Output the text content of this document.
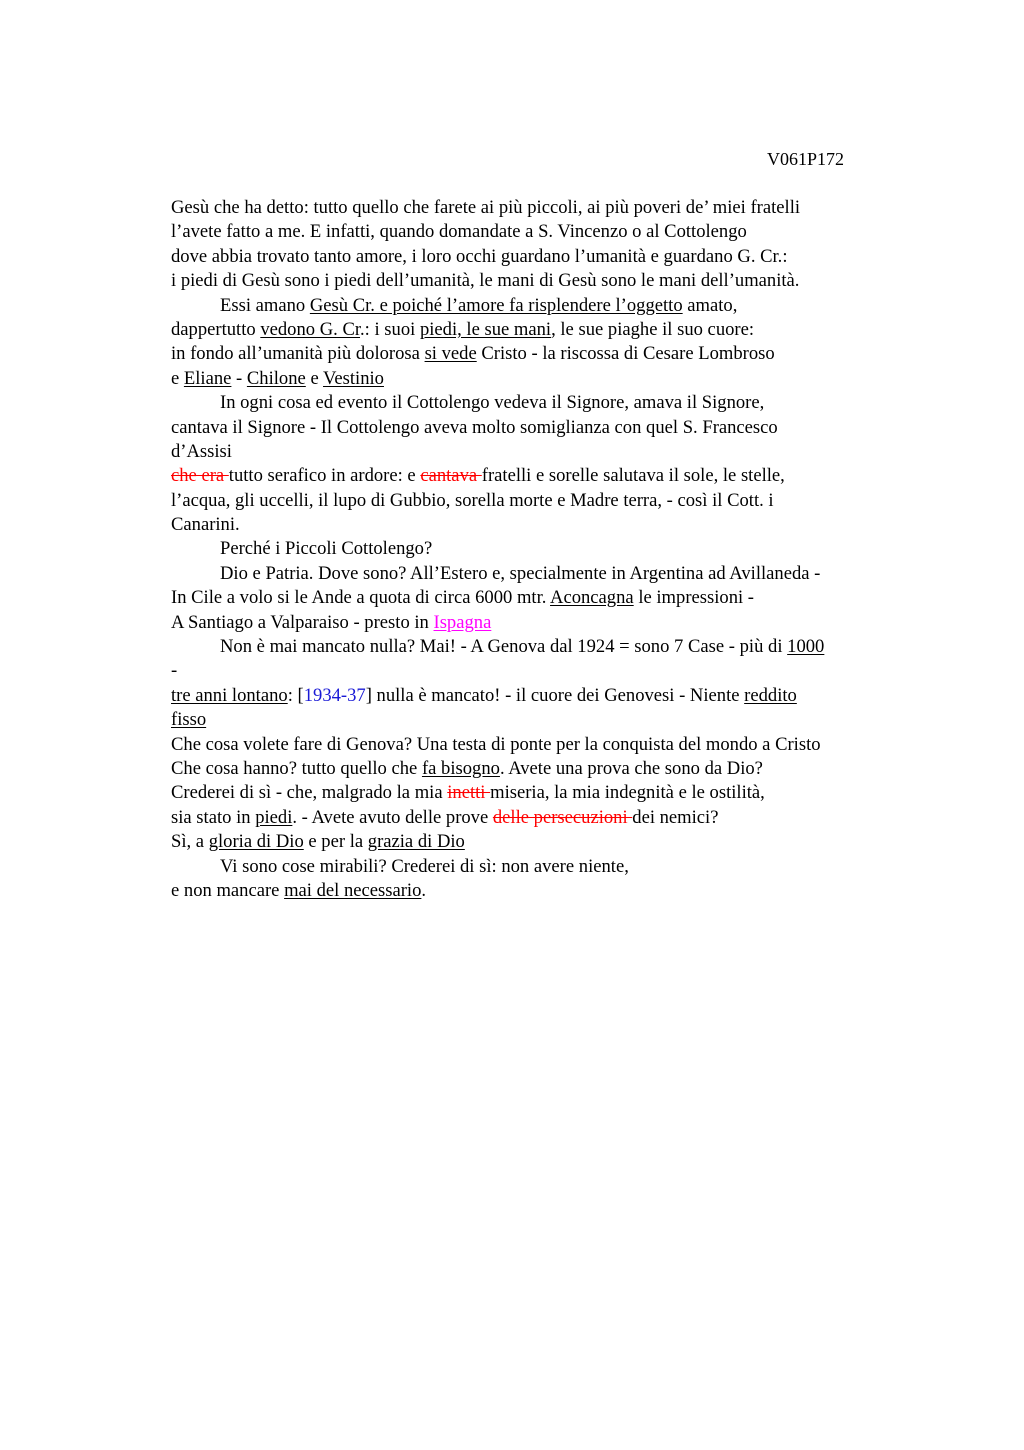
V061P172
Gesù che ha detto: tutto quello che farete ai più piccoli, ai più poveri de’ miei fratelli
l’avete fatto a me. E infatti, quando domandate a S. Vincenzo o al Cottolengo
dove abbia trovato tanto amore, i loro occhi guardano l’umanità e guardano G. Cr.:
i piedi di Gesù sono i piedi dell’umanità, le mani di Gesù sono le mani dell’umanità.
Essi amano Gesù Cr. e poiché l’amore fa risplendere l’oggetto amato,
dappertutto vedono G. Cr.: i suoi piedi, le sue mani, le sue piaghe il suo cuore:
in fondo all’umanità più dolorosa si vede Cristo - la riscossa di Cesare Lombroso
e Eliane - Chilone e Vestinio
In ogni cosa ed evento il Cottolengo vedeva il Signore, amava il Signore,
cantava il Signore - Il Cottolengo aveva molto somiglianza con quel S. Francesco
d’Assisi
che era tutto serafico in ardore: e cantava fratelli e sorelle salutava il sole, le stelle,
l’acqua, gli uccelli, il lupo di Gubbio, sorella morte e Madre terra, - così il Cott. i
Canarini.
Perché i Piccoli Cottolengo?
Dio e Patria. Dove sono? All’Estero e, specialmente in Argentina ad Avillaneda -
In Cile a volo si le Ande a quota di circa 6000 mtr. Aconcagna le impressioni -
A Santiago a Valparaiso - presto in Ispagna
Non è mai mancato nulla? Mai! - A Genova dal 1924 = sono 7 Case - più di 1000
-
tre anni lontano: [1934-37] nulla è mancato! - il cuore dei Genovesi - Niente reddito
fisso
Che cosa volete fare di Genova? Una testa di ponte per la conquista del mondo a Cristo
Che cosa hanno? tutto quello che fa bisogno. Avete una prova che sono da Dio?
Crederei di sì - che, malgrado la mia inetti miseria, la mia indegnità e le ostilità,
sia stato in piedi. - Avete avuto delle prove delle persecuzioni dei nemici?
Sì, a gloria di Dio e per la grazia di Dio
Vi sono cose mirabili? Crederei di sì: non avere niente,
e non mancare mai del necessario.
